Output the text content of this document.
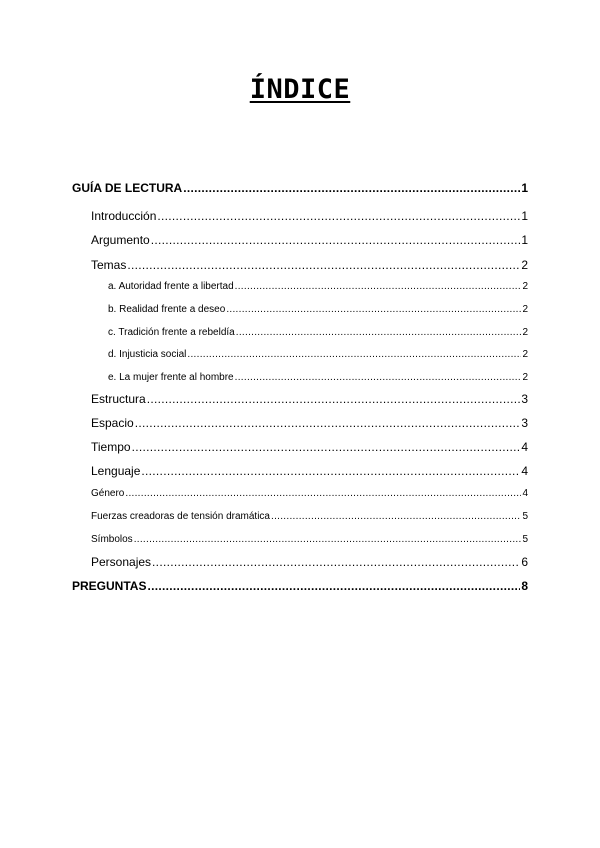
ÍNDICE
GUÍA DE LECTURA .....	1
Introducción .....	1
Argumento .....	1
Temas .....	2
a. Autoridad frente a libertad .....	2
b. Realidad frente a deseo .....	2
c. Tradición frente a rebeldía .....	2
d. Injusticia social .....	2
e. La mujer frente al hombre .....	2
Estructura .....	3
Espacio .....	3
Tiempo .....	4
Lenguaje .....	4
Género .....	4
Fuerzas creadoras de tensión dramática .....	5
Símbolos .....	5
Personajes .....	6
PREGUNTAS .....	8
